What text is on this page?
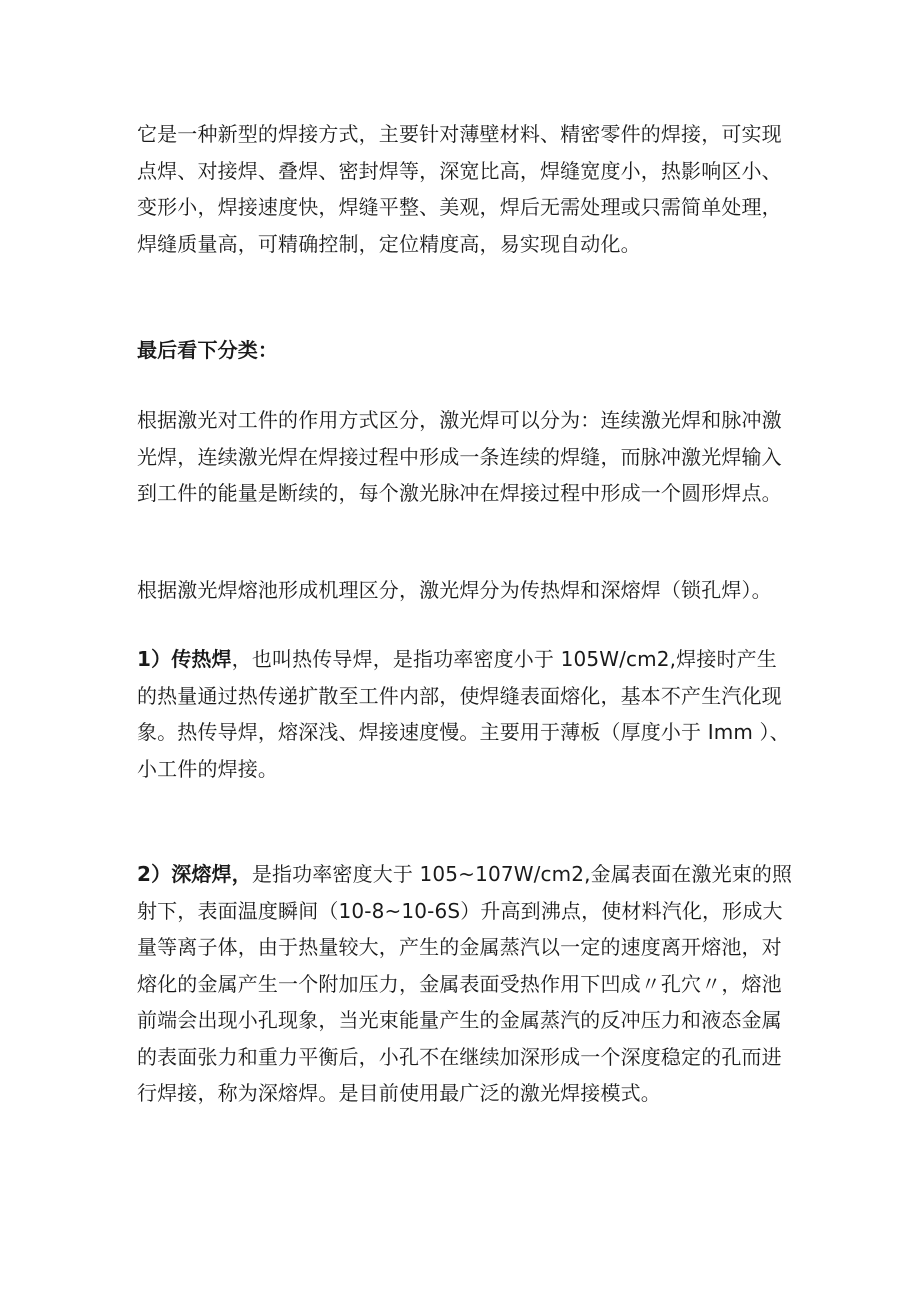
它是一种新型的焊接方式，主要针对薄壁材料、精密零件的焊接，可实现点焊、对接焊、叠焊、密封焊等，深宽比高，焊缝宽度小，热影响区小、变形小，焊接速度快，焊缝平整、美观，焊后无需处理或只需简单处理，焊缝质量高，可精确控制，定位精度高，易实现自动化。

最后看下分类：

根据激光对工件的作用方式区分，激光焊可以分为：连续激光焊和脉冲激光焊，连续激光焊在焊接过程中形成一条连续的焊缝，而脉冲激光焊输入到工件的能量是断续的，每个激光脉冲在焊接过程中形成一个圆形焊点。

根据激光焊熔池形成机理区分，激光焊分为传热焊和深熔焊（锁孔焊）。

1）传热焊，也叫热传导焊，是指功率密度小于 105W/cm2,焊接时产生的热量通过热传递扩散至工件内部，使焊缝表面熔化，基本不产生汽化现象。热传导焊，熔深浅、焊接速度慢。主要用于薄板（厚度小于 Imm ）、小工件的焊接。

2）深熔焊，是指功率密度大于 105~107W/cm2,金属表面在激光束的照射下，表面温度瞬间（10-8~10-6S）升高到沸点，使材料汽化，形成大量等离子体，由于热量较大，产生的金属蒸汽以一定的速度离开熔池，对熔化的金属产生一个附加压力，金属表面受热作用下凹成〃孔穴〃，熔池前端会出现小孔现象，当光束能量产生的金属蒸汽的反冲压力和液态金属的表面张力和重力平衡后，小孔不在继续加深形成一个深度稳定的孔而进行焊接，称为深熔焊。是目前使用最广泛的激光焊接模式。
